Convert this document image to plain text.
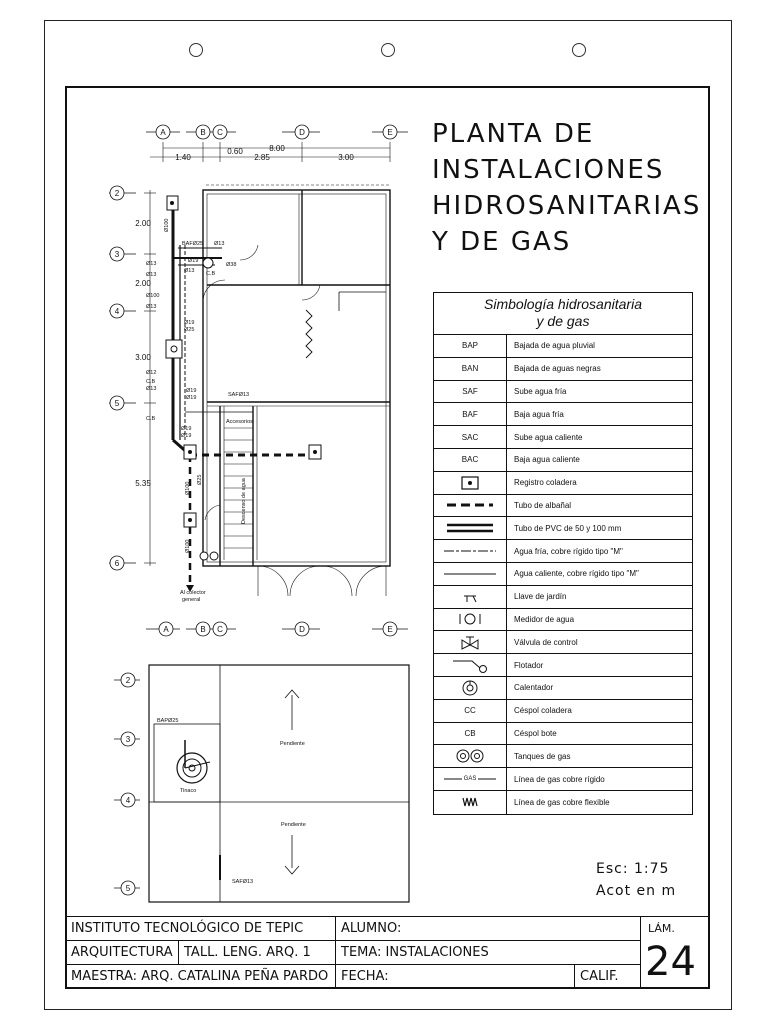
A	B C	D	E
8.00
1.40
0.60
2.85	3.00
2
3
4
5
6
2.00
2.00
3.00
5.35
Ø100
BAFØ25 Ø13
Ø13
Ø13
Ø19
Ø38
Ø13 C.B
Ø100
Ø13
Ø19
Ø25
Ø12
Ø13
C.B
Ø19
Ø19	SAFØ13
Ø19
Ø19
C.B
Ø100
Ø100
Ø25
Accesorios
Descenso de agua
Al colector
general
A	B C	D	E
2
3
4
5
BAPØ25
Tinaco
Pendiente
Pendiente
SAFØ13
PLANTA DE
INSTALACIONES
HIDROSANITARIAS
Y DE GAS
Simbología hidrosanitaria
y de gas
BAP	Bajada de agua pluvial
BAN	Bajada de aguas negras
SAF	Sube agua fría
BAF	Baja agua fría
SAC	Sube agua caliente
BAC	Baja agua caliente
Registro coladera
Tubo de albañal
Tubo de PVC de 50 y 100 mm
Agua fría, cobre rígido tipo "M"
Agua caliente, cobre rígido tipo "M"
Llave de jardín
Medidor de agua
Válvula de control
Flotador
Calentador
CC	Céspol coladera
CB	Céspol bote
Tanques de gas
GAS	Línea de gas cobre rígido
Línea de gas cobre flexible
Esc: 1:75
Acot en m
INSTITUTO TECNOLÓGICO DE TEPIC
ARQUITECTURA TALL. LENG. ARQ. 1
MAESTRA: ARQ. CATALINA PEÑA PARDO
ALUMNO:
TEMA: INSTALACIONES
FECHA:	CALIF.
LÁM.
24
